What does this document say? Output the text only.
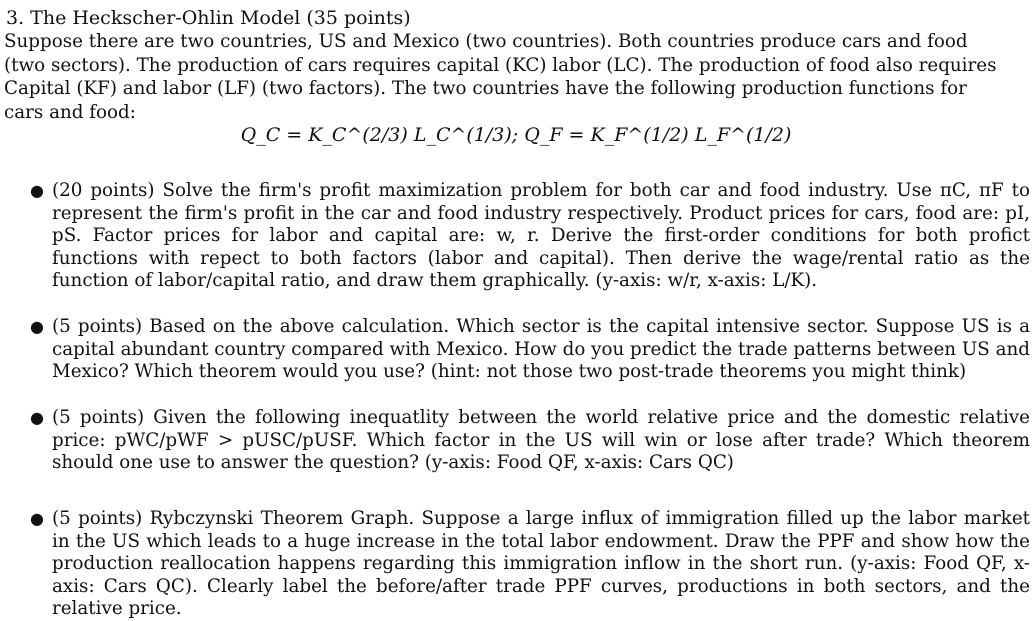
3. The Heckscher-Ohlin Model (35 points)
Suppose there are two countries, US and Mexico (two countries). Both countries produce cars and food (two sectors). The production of cars requires capital (KC) labor (LC). The production of food also requires Capital (KF) and labor (LF) (two factors). The two countries have the following production functions for cars and food:
Q_C = K_C^(2/3) L_C^(1/3); Q_F = K_F^(1/2) L_F^(1/2)
● (20 points) Solve the firm's profit maximization problem for both car and food industry. Use πC, πF to represent the firm's profit in the car and food industry respectively. Product prices for cars, food are: pI, pS. Factor prices for labor and capital are: w, r. Derive the first-order conditions for both profict functions with repect to both factors (labor and capital). Then derive the wage/rental ratio as the function of labor/capital ratio, and draw them graphically. (y-axis: w/r, x-axis: L/K).
● (5 points) Based on the above calculation. Which sector is the capital intensive sector. Suppose US is a capital abundant country compared with Mexico. How do you predict the trade patterns between US and Mexico? Which theorem would you use? (hint: not those two post-trade theorems you might think)
● (5 points) Given the following inequatlity between the world relative price and the domestic relative price: pWC/pWF > pUSC/pUSF. Which factor in the US will win or lose after trade? Which theorem should one use to answer the question? (y-axis: Food QF, x-axis: Cars QC)
● (5 points) Rybczynski Theorem Graph. Suppose a large influx of immigration filled up the labor market in the US which leads to a huge increase in the total labor endowment. Draw the PPF and show how the production reallocation happens regarding this immigration inflow in the short run. (y-axis: Food QF, x-axis: Cars QC). Clearly label the before/after trade PPF curves, productions in both sectors, and the relative price.
